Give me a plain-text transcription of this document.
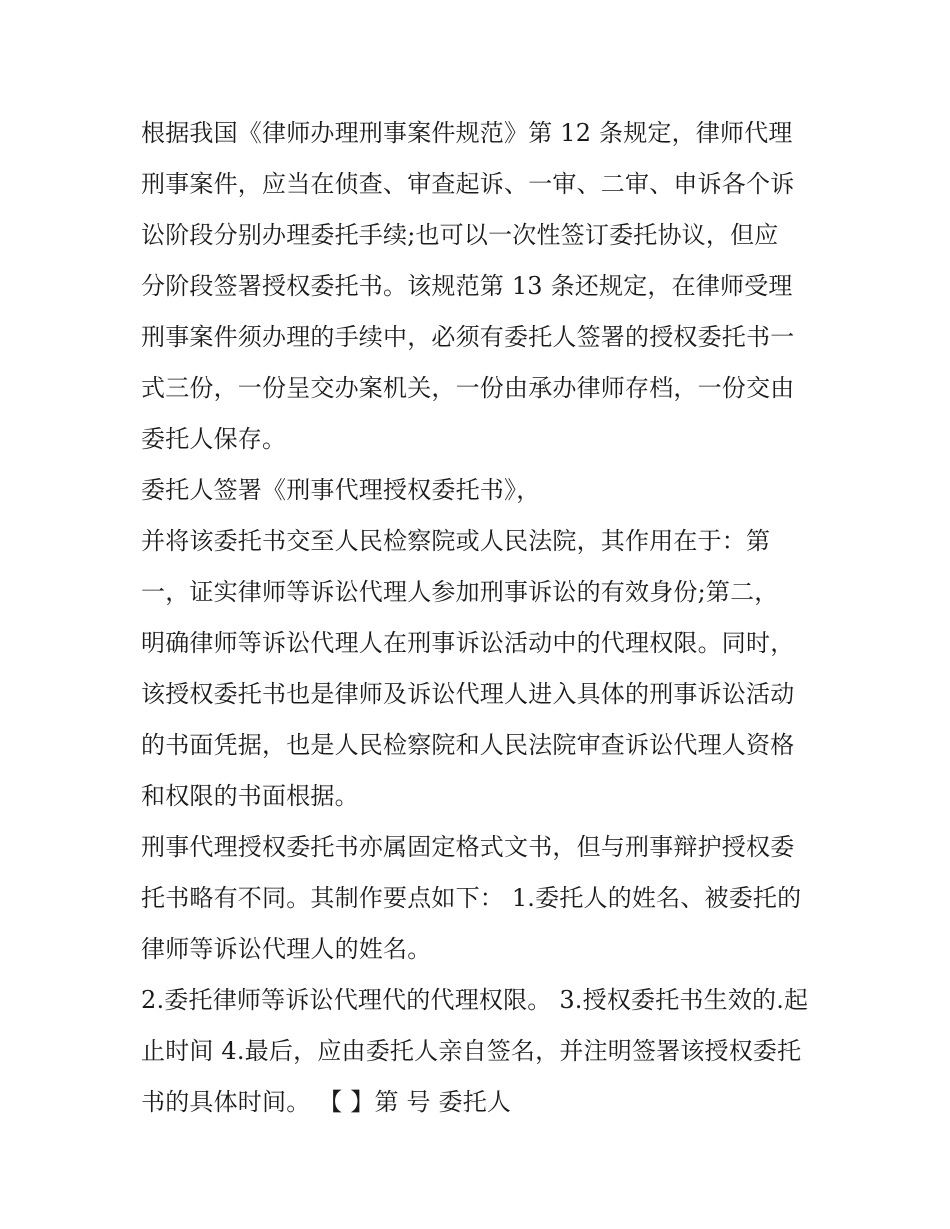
根据我国《律师办理刑事案件规范》第 12 条规定，律师代理
刑事案件，应当在侦查、审查起诉、一审、二审、申诉各个诉
讼阶段分别办理委托手续;也可以一次性签订委托协议，但应
分阶段签署授权委托书。该规范第 13 条还规定，在律师受理
刑事案件须办理的手续中，必须有委托人签署的授权委托书一
式三份，一份呈交办案机关，一份由承办律师存档，一份交由
委托人保存。
委托人签署《刑事代理授权委托书》，
并将该委托书交至人民检察院或人民法院，其作用在于：第
一，证实律师等诉讼代理人参加刑事诉讼的有效身份;第二，
明确律师等诉讼代理人在刑事诉讼活动中的代理权限。同时，
该授权委托书也是律师及诉讼代理人进入具体的刑事诉讼活动
的书面凭据，也是人民检察院和人民法院审查诉讼代理人资格
和权限的书面根据。
刑事代理授权委托书亦属固定格式文书，但与刑事辩护授权委
托书略有不同。其制作要点如下： 1.委托人的姓名、被委托的
律师等诉讼代理人的姓名。
2.委托律师等诉讼代理代的代理权限。 3.授权委托书生效的.起
止时间 4.最后，应由委托人亲自签名，并注明签署该授权委托
书的具体时间。 【 】第 号 委托人
